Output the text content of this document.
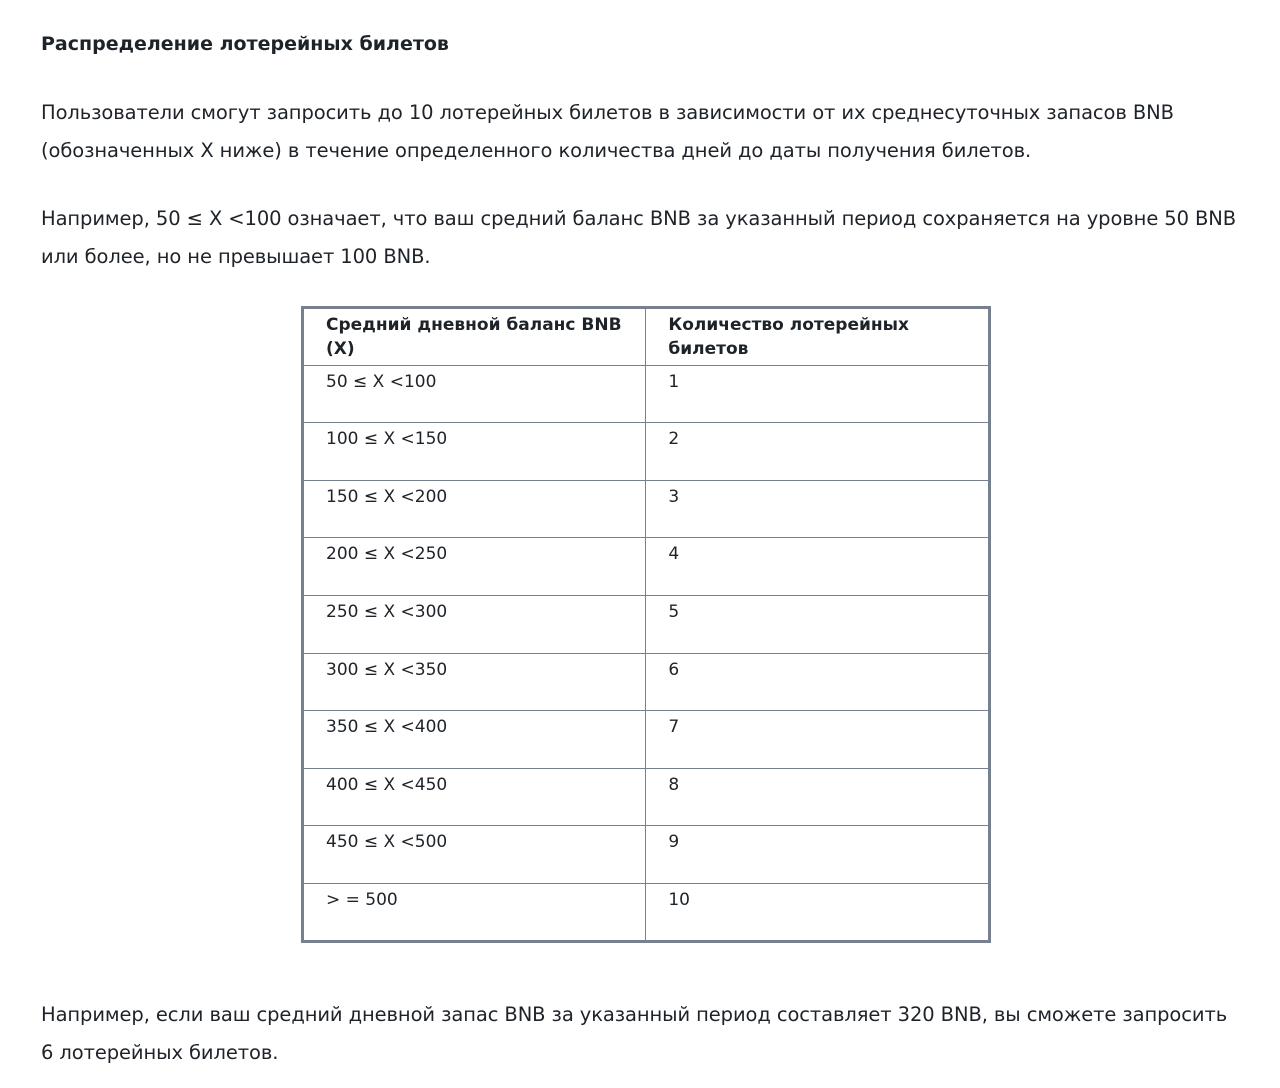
Распределение лотерейных билетов

Пользователи смогут запросить до 10 лотерейных билетов в зависимости от их среднесуточных запасов BNB (обозначенных X ниже) в течение определенного количества дней до даты получения билетов.

Например, 50 ≤ X <100 означает, что ваш средний баланс BNB за указанный период сохраняется на уровне 50 BNB или более, но не превышает 100 BNB.

Например, если ваш средний дневной запас BNB за указанный период составляет 320 BNB, вы сможете запросить 6 лотерейных билетов.

Средний дневной баланс BNB (X)	Количество лотерейных билетов
50 ≤ X <100	1
100 ≤ X <150	2
150 ≤ X <200	3
200 ≤ X <250	4
250 ≤ X <300	5
300 ≤ X <350	6
350 ≤ X <400	7
400 ≤ X <450	8
450 ≤ X <500	9
> = 500	10
